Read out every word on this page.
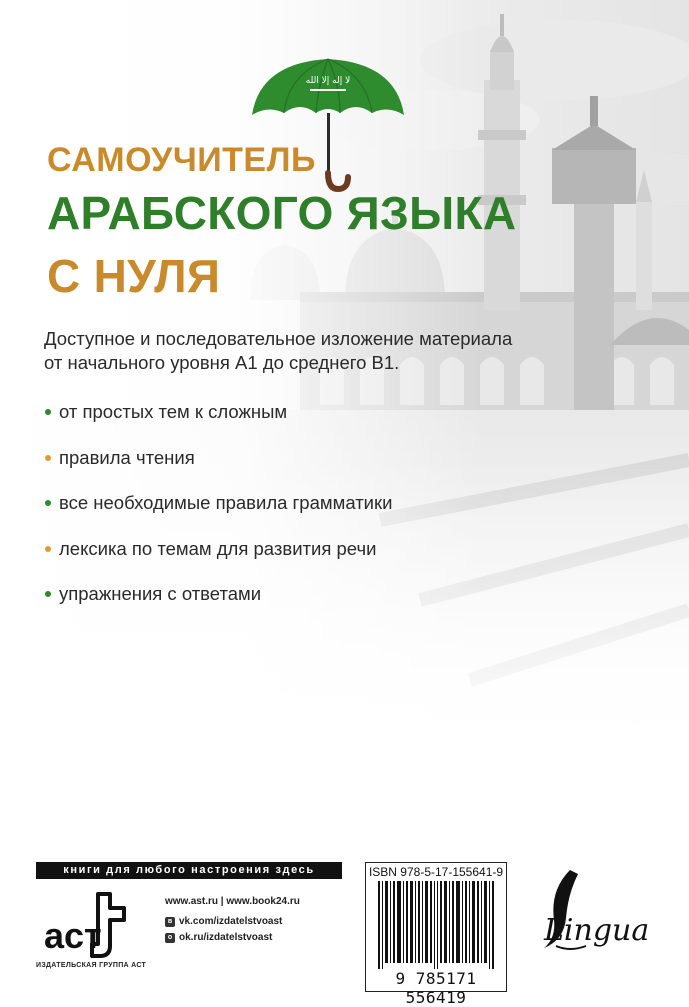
لا إله إلا الله
САМОУЧИТЕЛЬ
АРАБСКОГО ЯЗЫКА
С НУЛЯ
Доступное и последовательное изложение материала
от начального уровня А1 до среднего В1.
от простых тем к сложным
правила чтения
все необходимые правила грамматики
лексика по темам для развития речи
упражнения с ответами
книги для любого настроения здесь
аст
ИЗДАТЕЛЬСКАЯ ГРУППА АСТ
www.ast.ru | www.book24.ru
в vk.com/izdatelstvoast
о ok.ru/izdatelstvoast
ISBN 978-5-17-155641-9
9 785171 556419
Lingua
